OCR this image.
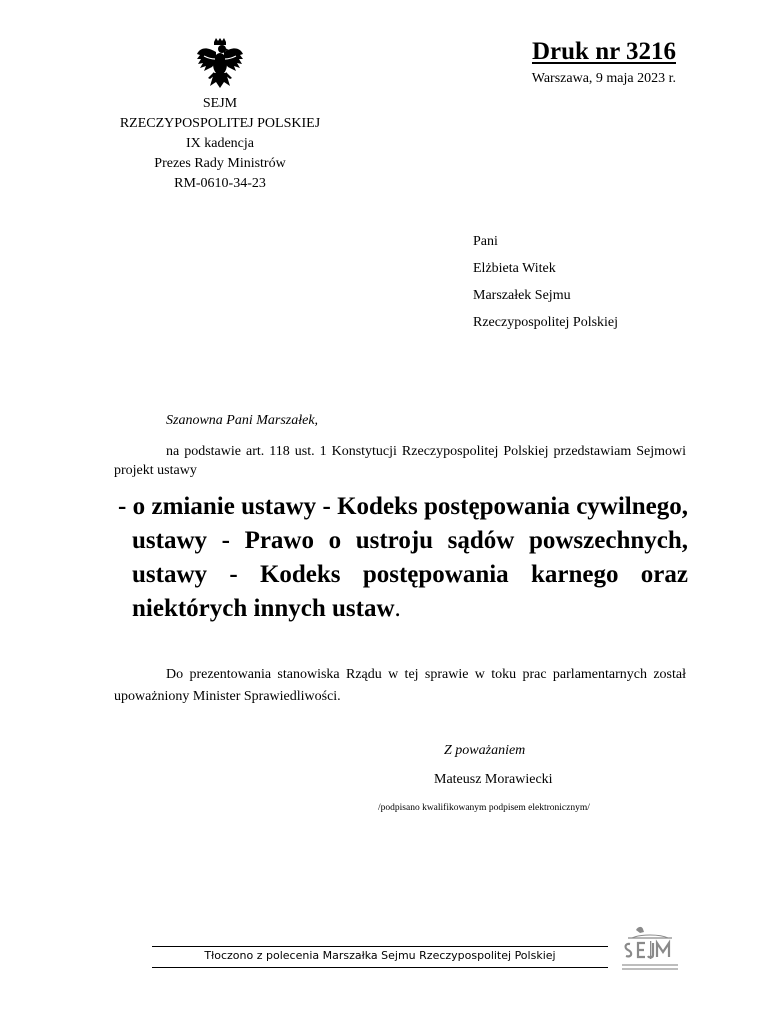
SEJM
RZECZYPOSPOLITEJ POLSKIEJ
IX kadencja
Prezes Rady Ministrów
RM-0610-34-23
Druk nr 3216
Warszawa, 9 maja 2023 r.
Pani
Elżbieta Witek
Marszałek Sejmu
Rzeczypospolitej Polskiej
Szanowna Pani Marszałek,
na podstawie art. 118 ust. 1 Konstytucji Rzeczypospolitej Polskiej przedstawiam Sejmowi projekt ustawy
- o zmianie ustawy - Kodeks postępowania cywilnego, ustawy - Prawo o ustroju sądów powszechnych, ustawy - Kodeks postępowania karnego oraz niektórych innych ustaw.
Do prezentowania stanowiska Rządu w tej sprawie w toku prac parlamentarnych został upoważniony Minister Sprawiedliwości.
Z poważaniem
Mateusz Morawiecki
/podpisano kwalifikowanym podpisem elektronicznym/
Tłoczono z polecenia Marszałka Sejmu Rzeczypospolitej Polskiej
